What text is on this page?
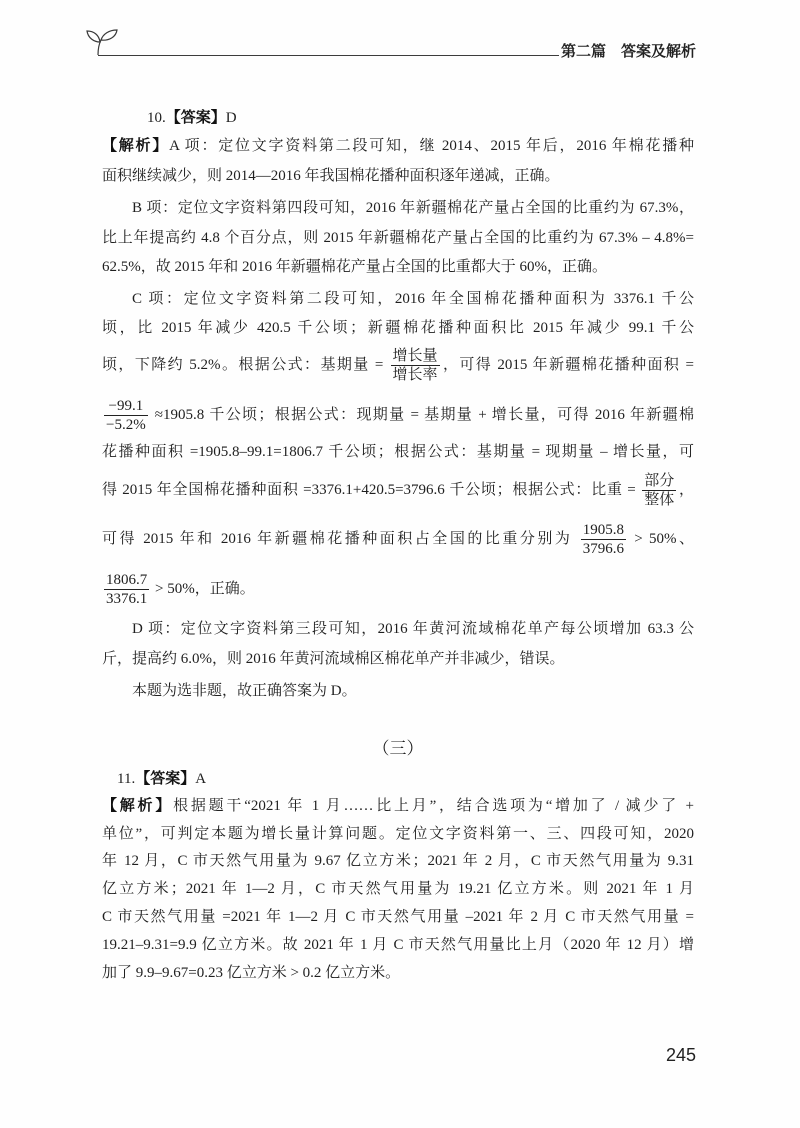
第二篇　答案及解析
10.【答案】D
【解析】A 项：定位文字资料第二段可知，继 2014、2015 年后，2016 年棉花播种
面积继续减少，则 2014—2016 年我国棉花播种面积逐年递减，正确。
B 项：定位文字资料第四段可知，2016 年新疆棉花产量占全国的比重约为 67.3%，
比上年提高约 4.8 个百分点，则 2015 年新疆棉花产量占全国的比重约为 67.3% – 4.8%=
62.5%，故 2015 年和 2016 年新疆棉花产量占全国的比重都大于 60%，正确。
C 项：定位文字资料第二段可知，2016 年全国棉花播种面积为 3376.1 千公
顷，比 2015 年减少 420.5 千公顷；新疆棉花播种面积比 2015 年减少 99.1 千公
顷，下降约 5.2%。根据公式：基期量 = $\frac{\text{增长量}}{\text{增长率}}$ ，可得 2015 年新疆棉花播种面积 =
$\frac{-99.1}{-5.2\%} \approx 1905.8$ 千公顷；根据公式：现期量 = 基期量 + 增长量，可得 2016 年新疆棉
花播种面积 =1905.8–99.1=1806.7 千公顷；根据公式：基期量 = 现期量 – 增长量，可
得 2015 年全国棉花播种面积 =3376.1+420.5=3796.6 千公顷；根据公式：比重 = $\frac{\text{部分}}{\text{整体}}$ ，
可得 2015 年和 2016 年新疆棉花播种面积占全国的比重分别为 $\frac{1905.8}{3796.6} > 50\%$、
$\frac{1806.7}{3376.1} > 50\%$，正确。
D 项：定位文字资料第三段可知，2016 年黄河流域棉花单产每公顷增加 63.3 公
斤，提高约 6.0%，则 2016 年黄河流域棉区棉花单产并非减少，错误。
本题为选非题，故正确答案为 D。
（三）
11.【答案】A
【解析】根据题干“2021 年 1 月……比上月”，结合选项为“增加了 / 减少了 +
单位”，可判定本题为增长量计算问题。定位文字资料第一、三、四段可知，2020
年 12 月，C 市天然气用量为 9.67 亿立方米；2021 年 2 月，C 市天然气用量为 9.31
亿立方米；2021 年 1—2 月，C 市天然气用量为 19.21 亿立方米。则 2021 年 1 月
C 市天然气用量 =2021 年 1—2 月 C 市天然气用量 –2021 年 2 月 C 市天然气用量 =
19.21–9.31=9.9 亿立方米。故 2021 年 1 月 C 市天然气用量比上月（2020 年 12 月）增
加了 9.9–9.67=0.23 亿立方米 > 0.2 亿立方米。
245
